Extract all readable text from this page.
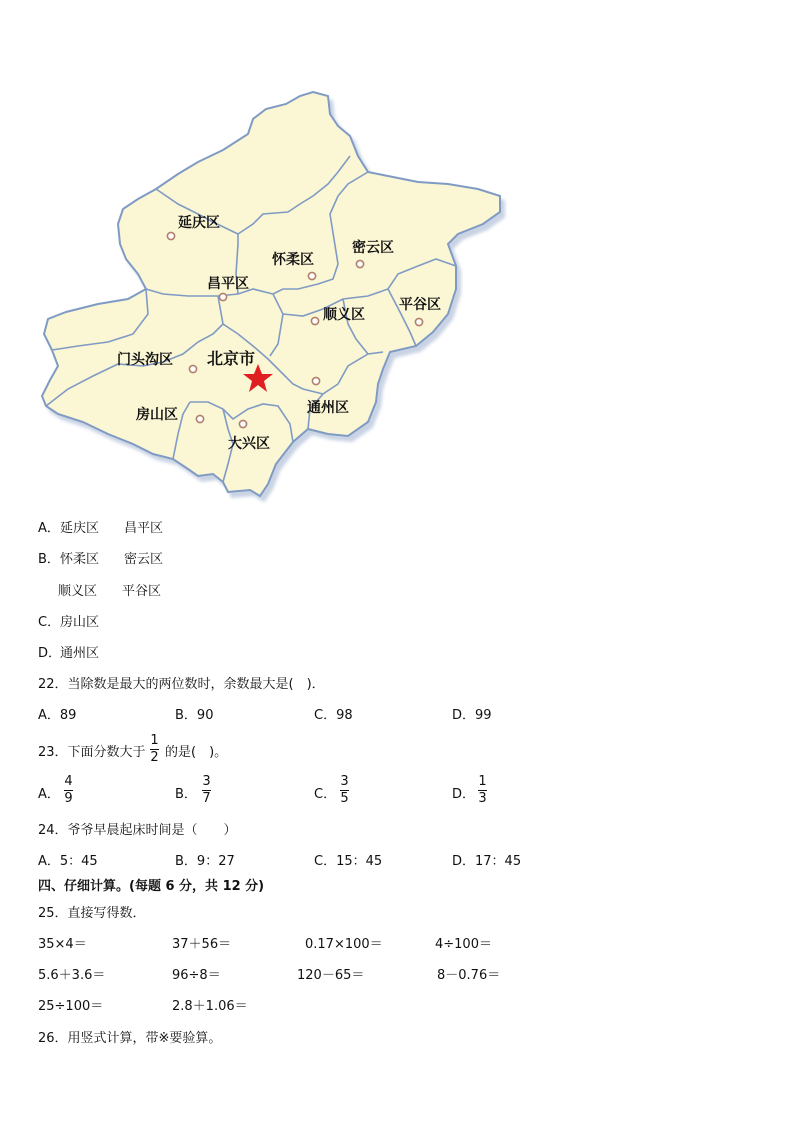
延庆区
怀柔区
密云区
昌平区
顺义区
平谷区
门头沟区 北京市
通州区
房山区
大兴区
A． 延庆区 昌平区
B． 怀柔区 密云区
顺义区 平谷区
C． 房山区
D．
通州区
22．当除数是最大的两位数时，余数最大是(　)．
A．89	B．90	C．98	D．99
23．下面分数大于
1
2 的是(　)。
A．
4
9	B．
3
7	C．
3
5	D．
1
3
24．爷爷早晨起床时间是（　　）
A．5：45	B．9：27	C．15：45	D．17：45
四、仔细计算。(每题 6 分，共 12 分)
25．直接写得数．
35×4＝	37＋56＝	0.17×100＝	4÷100＝
5.6＋3.6＝	96÷8＝	120－65＝	8－0.76＝
25÷100＝	2.8＋1.06＝
26．用竖式计算，带※要验算。
